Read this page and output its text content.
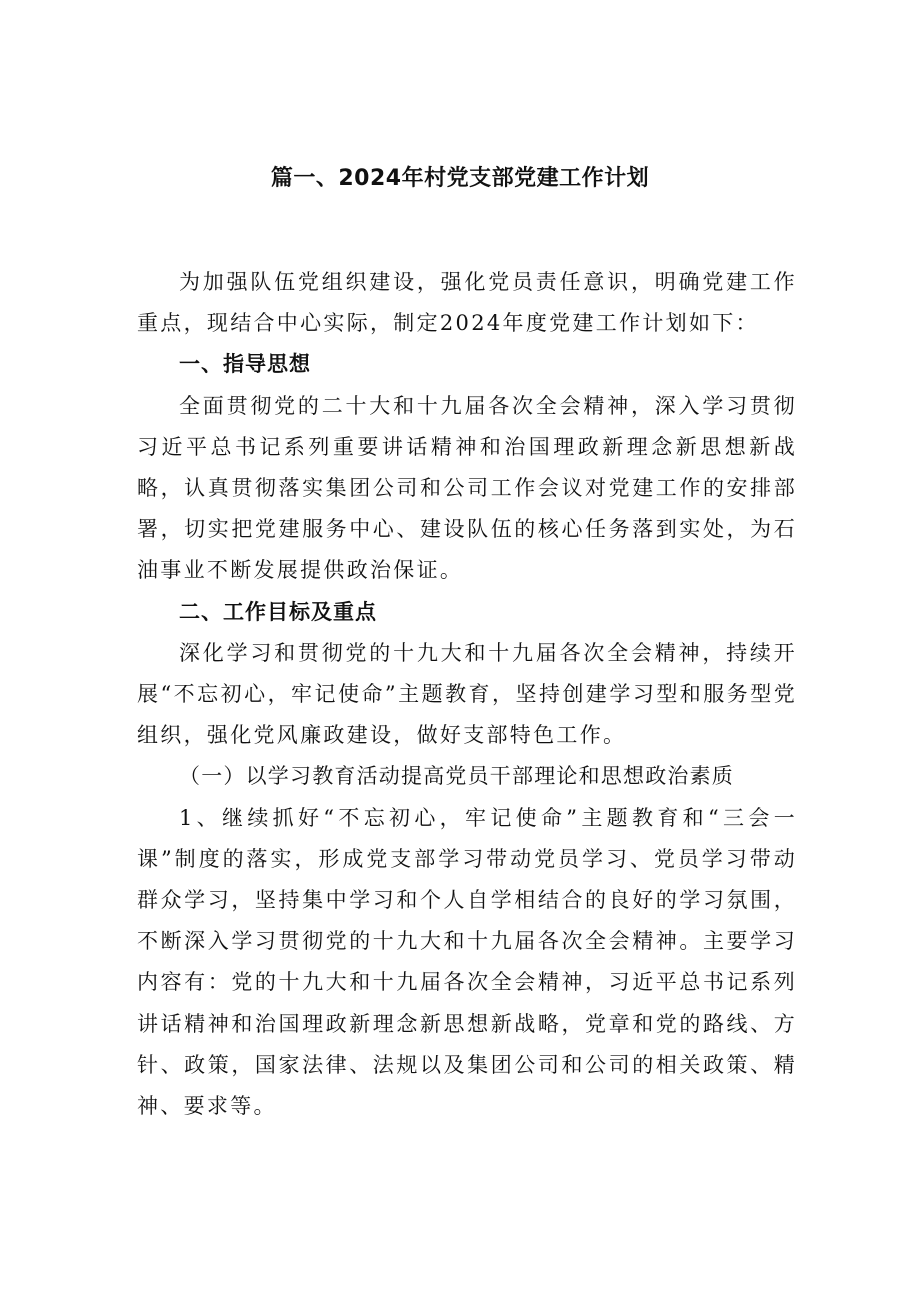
篇一、2024年村党支部党建工作计划

为加强队伍党组织建设，强化党员责任意识，明确党建工作重点，现结合中心实际，制定2024年度党建工作计划如下：

一、指导思想

全面贯彻党的二十大和十九届各次全会精神，深入学习贯彻习近平总书记系列重要讲话精神和治国理政新理念新思想新战略，认真贯彻落实集团公司和公司工作会议对党建工作的安排部署，切实把党建服务中心、建设队伍的核心任务落到实处，为石油事业不断发展提供政治保证。

二、工作目标及重点

深化学习和贯彻党的十九大和十九届各次全会精神，持续开展“不忘初心，牢记使命”主题教育，坚持创建学习型和服务型党组织，强化党风廉政建设，做好支部特色工作。

（一）以学习教育活动提高党员干部理论和思想政治素质

1、继续抓好“不忘初心，牢记使命”主题教育和“三会一课”制度的落实，形成党支部学习带动党员学习、党员学习带动群众学习，坚持集中学习和个人自学相结合的良好的学习氛围，不断深入学习贯彻党的十九大和十九届各次全会精神。主要学习内容有：党的十九大和十九届各次全会精神，习近平总书记系列讲话精神和治国理政新理念新思想新战略，党章和党的路线、方针、政策，国家法律、法规以及集团公司和公司的相关政策、精神、要求等。
